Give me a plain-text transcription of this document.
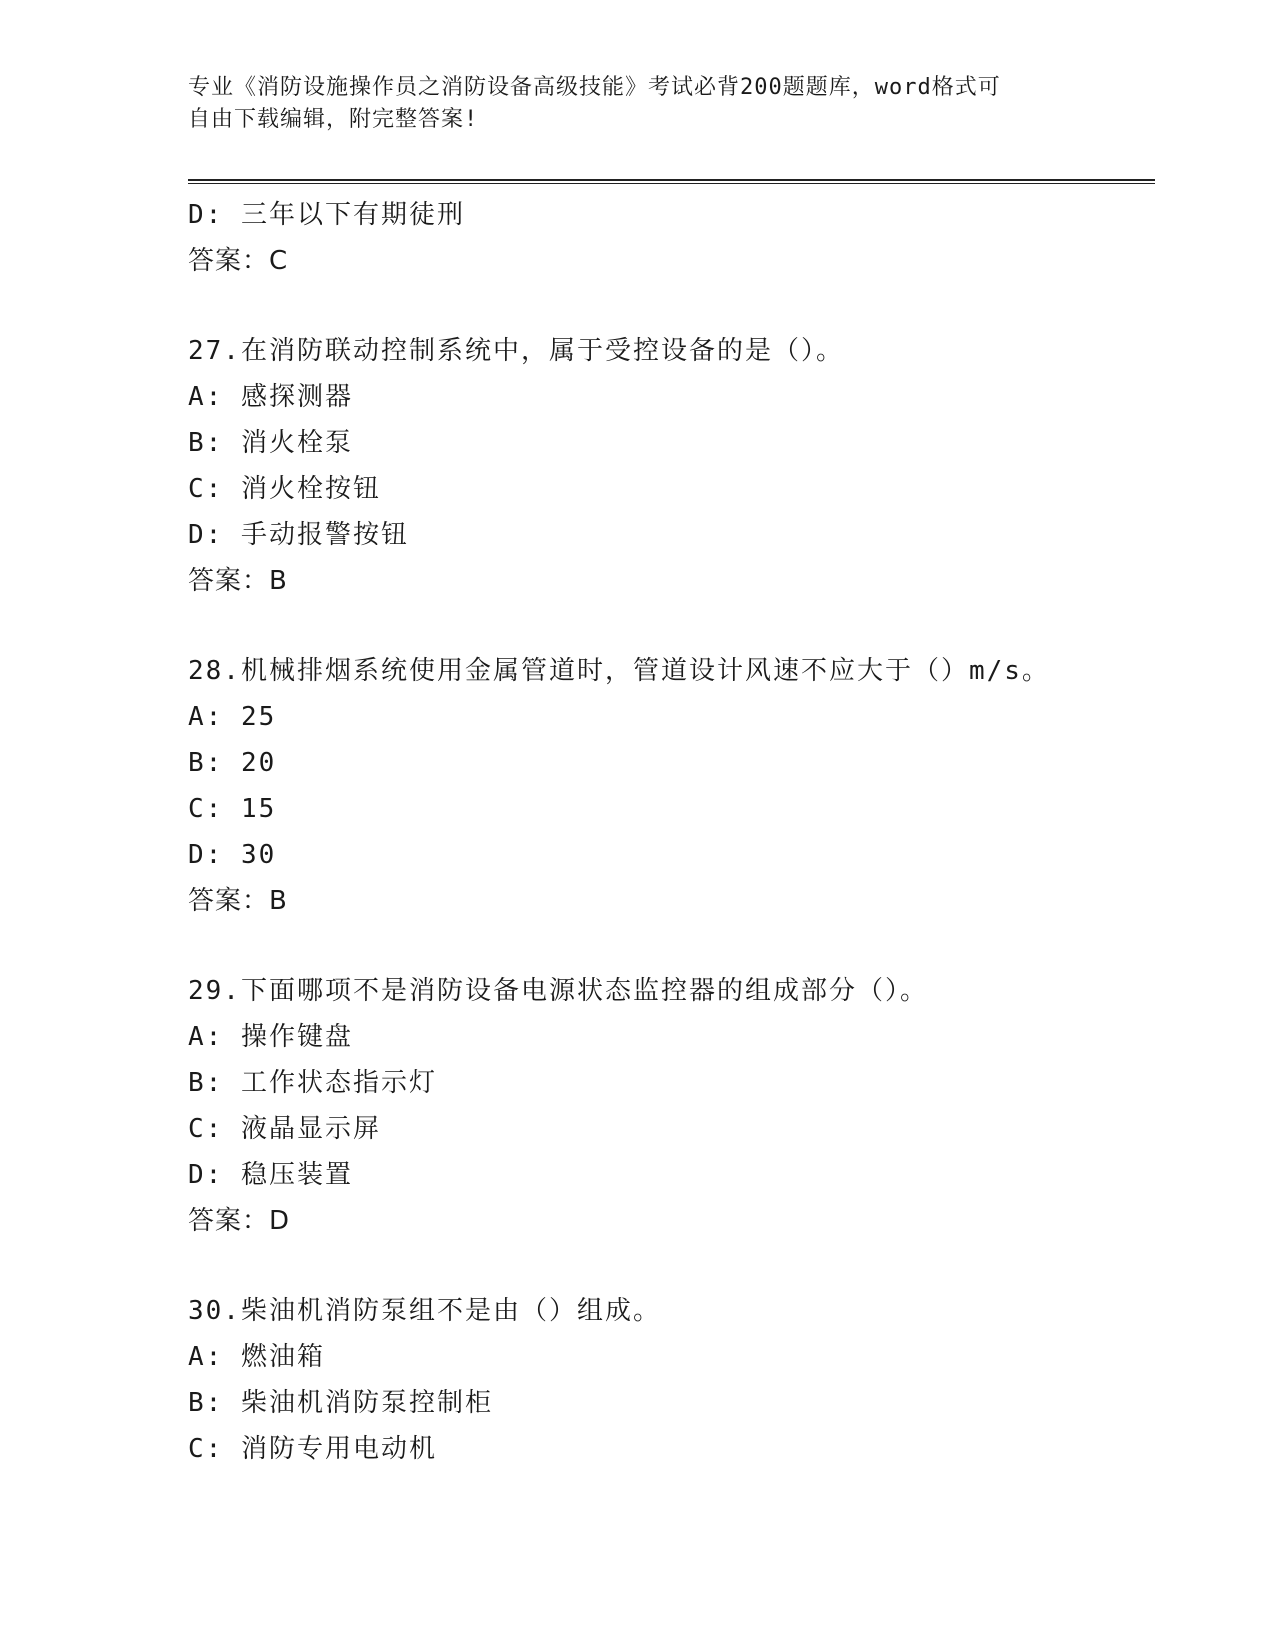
专业《消防设施操作员之消防设备高级技能》考试必背200题题库，word格式可
自由下载编辑，附完整答案!
D: 三年以下有期徒刑
答案：C
27.在消防联动控制系统中，属于受控设备的是（）。
A: 感探测器
B: 消火栓泵
C: 消火栓按钮
D: 手动报警按钮
答案：B
28.机械排烟系统使用金属管道时，管道设计风速不应大于（）m/s。
A: 25
B: 20
C: 15
D: 30
答案：B
29.下面哪项不是消防设备电源状态监控器的组成部分（）。
A: 操作键盘
B: 工作状态指示灯
C: 液晶显示屏
D: 稳压装置
答案：D
30.柴油机消防泵组不是由（）组成。
A: 燃油箱
B: 柴油机消防泵控制柜
C: 消防专用电动机
